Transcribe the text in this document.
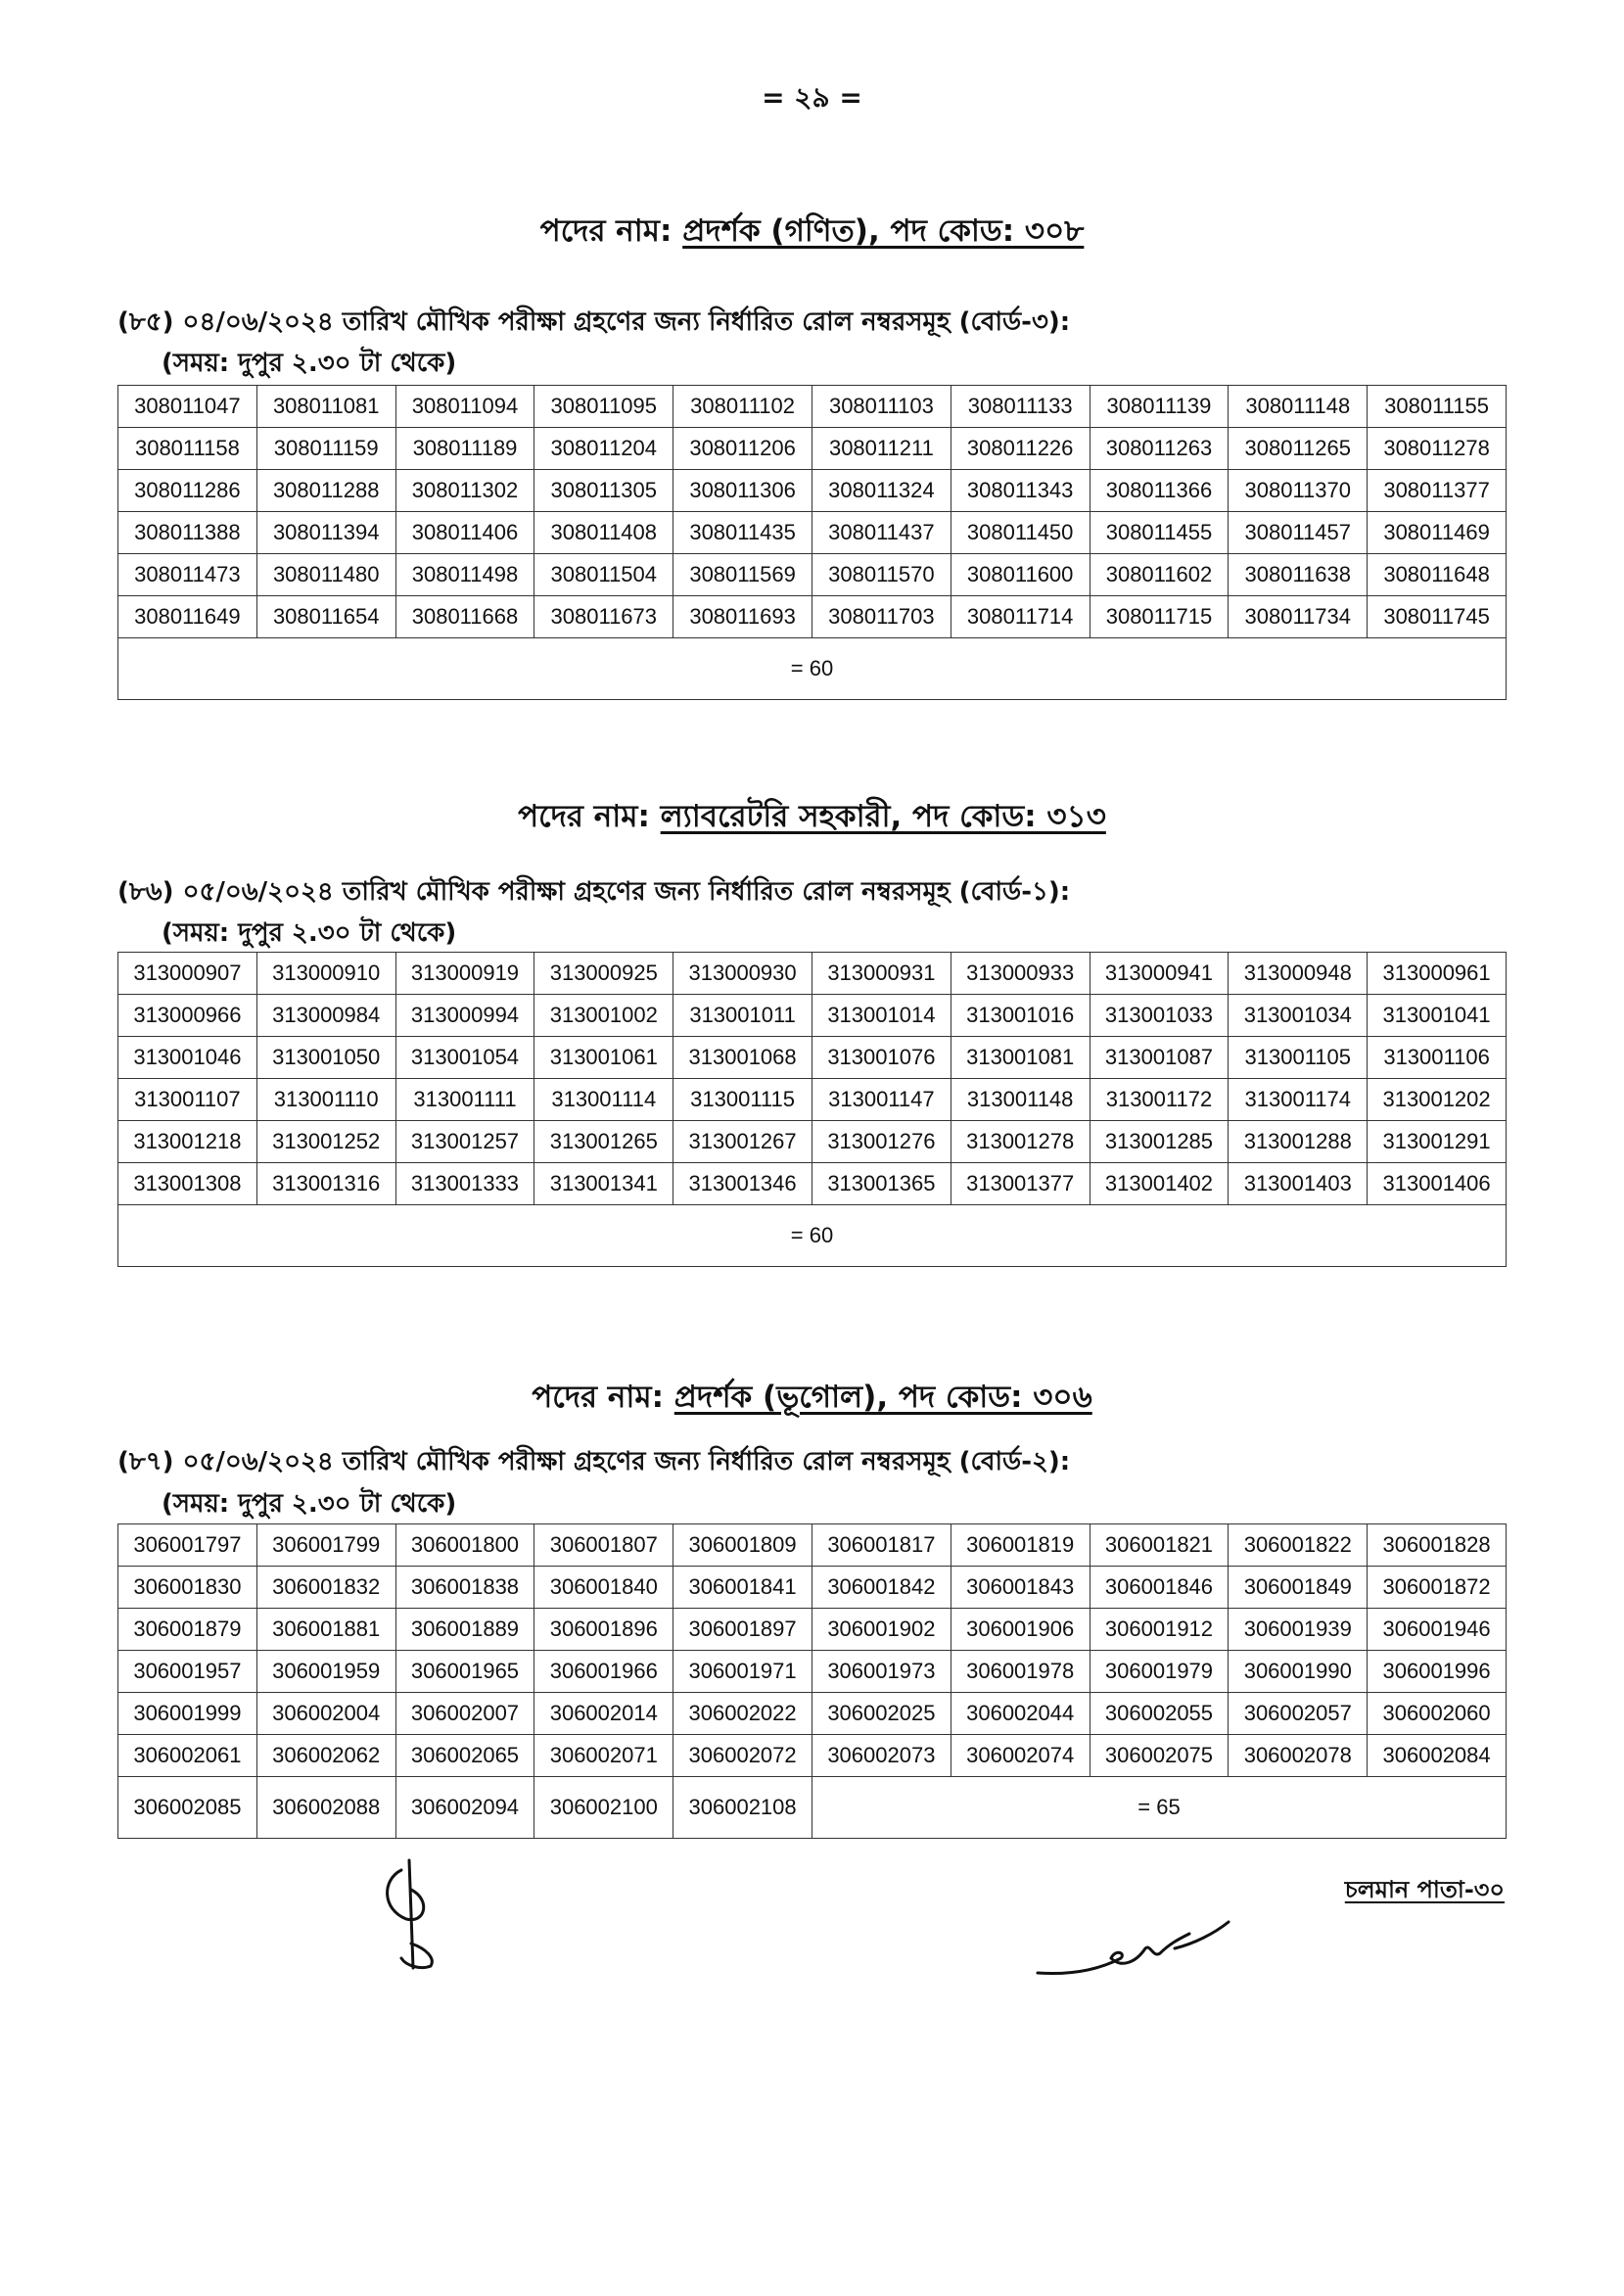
= ২৯ =
পদের নাম: প্রদর্শক (গণিত), পদ কোড: ৩০৮
(৮৫) ০৪/০৬/২০২৪ তারিখ মৌখিক পরীক্ষা গ্রহণের জন্য নির্ধারিত রোল নম্বরসমূহ (বোর্ড-৩):
(সময়: দুপুর ২.৩০ টা থেকে)
308011047	308011081	308011094	308011095	308011102	308011103	308011133	308011139	308011148	308011155
308011158	308011159	308011189	308011204	308011206	308011211	308011226	308011263	308011265	308011278
308011286	308011288	308011302	308011305	308011306	308011324	308011343	308011366	308011370	308011377
308011388	308011394	308011406	308011408	308011435	308011437	308011450	308011455	308011457	308011469
308011473	308011480	308011498	308011504	308011569	308011570	308011600	308011602	308011638	308011648
308011649	308011654	308011668	308011673	308011693	308011703	308011714	308011715	308011734	308011745
= 60									
পদের নাম: ল্যাবরেটরি সহকারী, পদ কোড: ৩১৩
(৮৬) ০৫/০৬/২০২৪ তারিখ মৌখিক পরীক্ষা গ্রহণের জন্য নির্ধারিত রোল নম্বরসমূহ (বোর্ড-১):
(সময়: দুপুর ২.৩০ টা থেকে)
313000907	313000910	313000919	313000925	313000930	313000931	313000933	313000941	313000948	313000961
313000966	313000984	313000994	313001002	313001011	313001014	313001016	313001033	313001034	313001041
313001046	313001050	313001054	313001061	313001068	313001076	313001081	313001087	313001105	313001106
313001107	313001110	313001111	313001114	313001115	313001147	313001148	313001172	313001174	313001202
313001218	313001252	313001257	313001265	313001267	313001276	313001278	313001285	313001288	313001291
313001308	313001316	313001333	313001341	313001346	313001365	313001377	313001402	313001403	313001406
= 60									
পদের নাম: প্রদর্শক (ভূগোল), পদ কোড: ৩০৬
(৮৭) ০৫/০৬/২০২৪ তারিখ মৌখিক পরীক্ষা গ্রহণের জন্য নির্ধারিত রোল নম্বরসমূহ (বোর্ড-২):
(সময়: দুপুর ২.৩০ টা থেকে)
306001797	306001799	306001800	306001807	306001809	306001817	306001819	306001821	306001822	306001828
306001830	306001832	306001838	306001840	306001841	306001842	306001843	306001846	306001849	306001872
306001879	306001881	306001889	306001896	306001897	306001902	306001906	306001912	306001939	306001946
306001957	306001959	306001965	306001966	306001971	306001973	306001978	306001979	306001990	306001996
306001999	306002004	306002007	306002014	306002022	306002025	306002044	306002055	306002057	306002060
306002061	306002062	306002065	306002071	306002072	306002073	306002074	306002075	306002078	306002084
306002085	306002088	306002094	306002100	306002108	= 65				
চলমান পাতা-৩০
